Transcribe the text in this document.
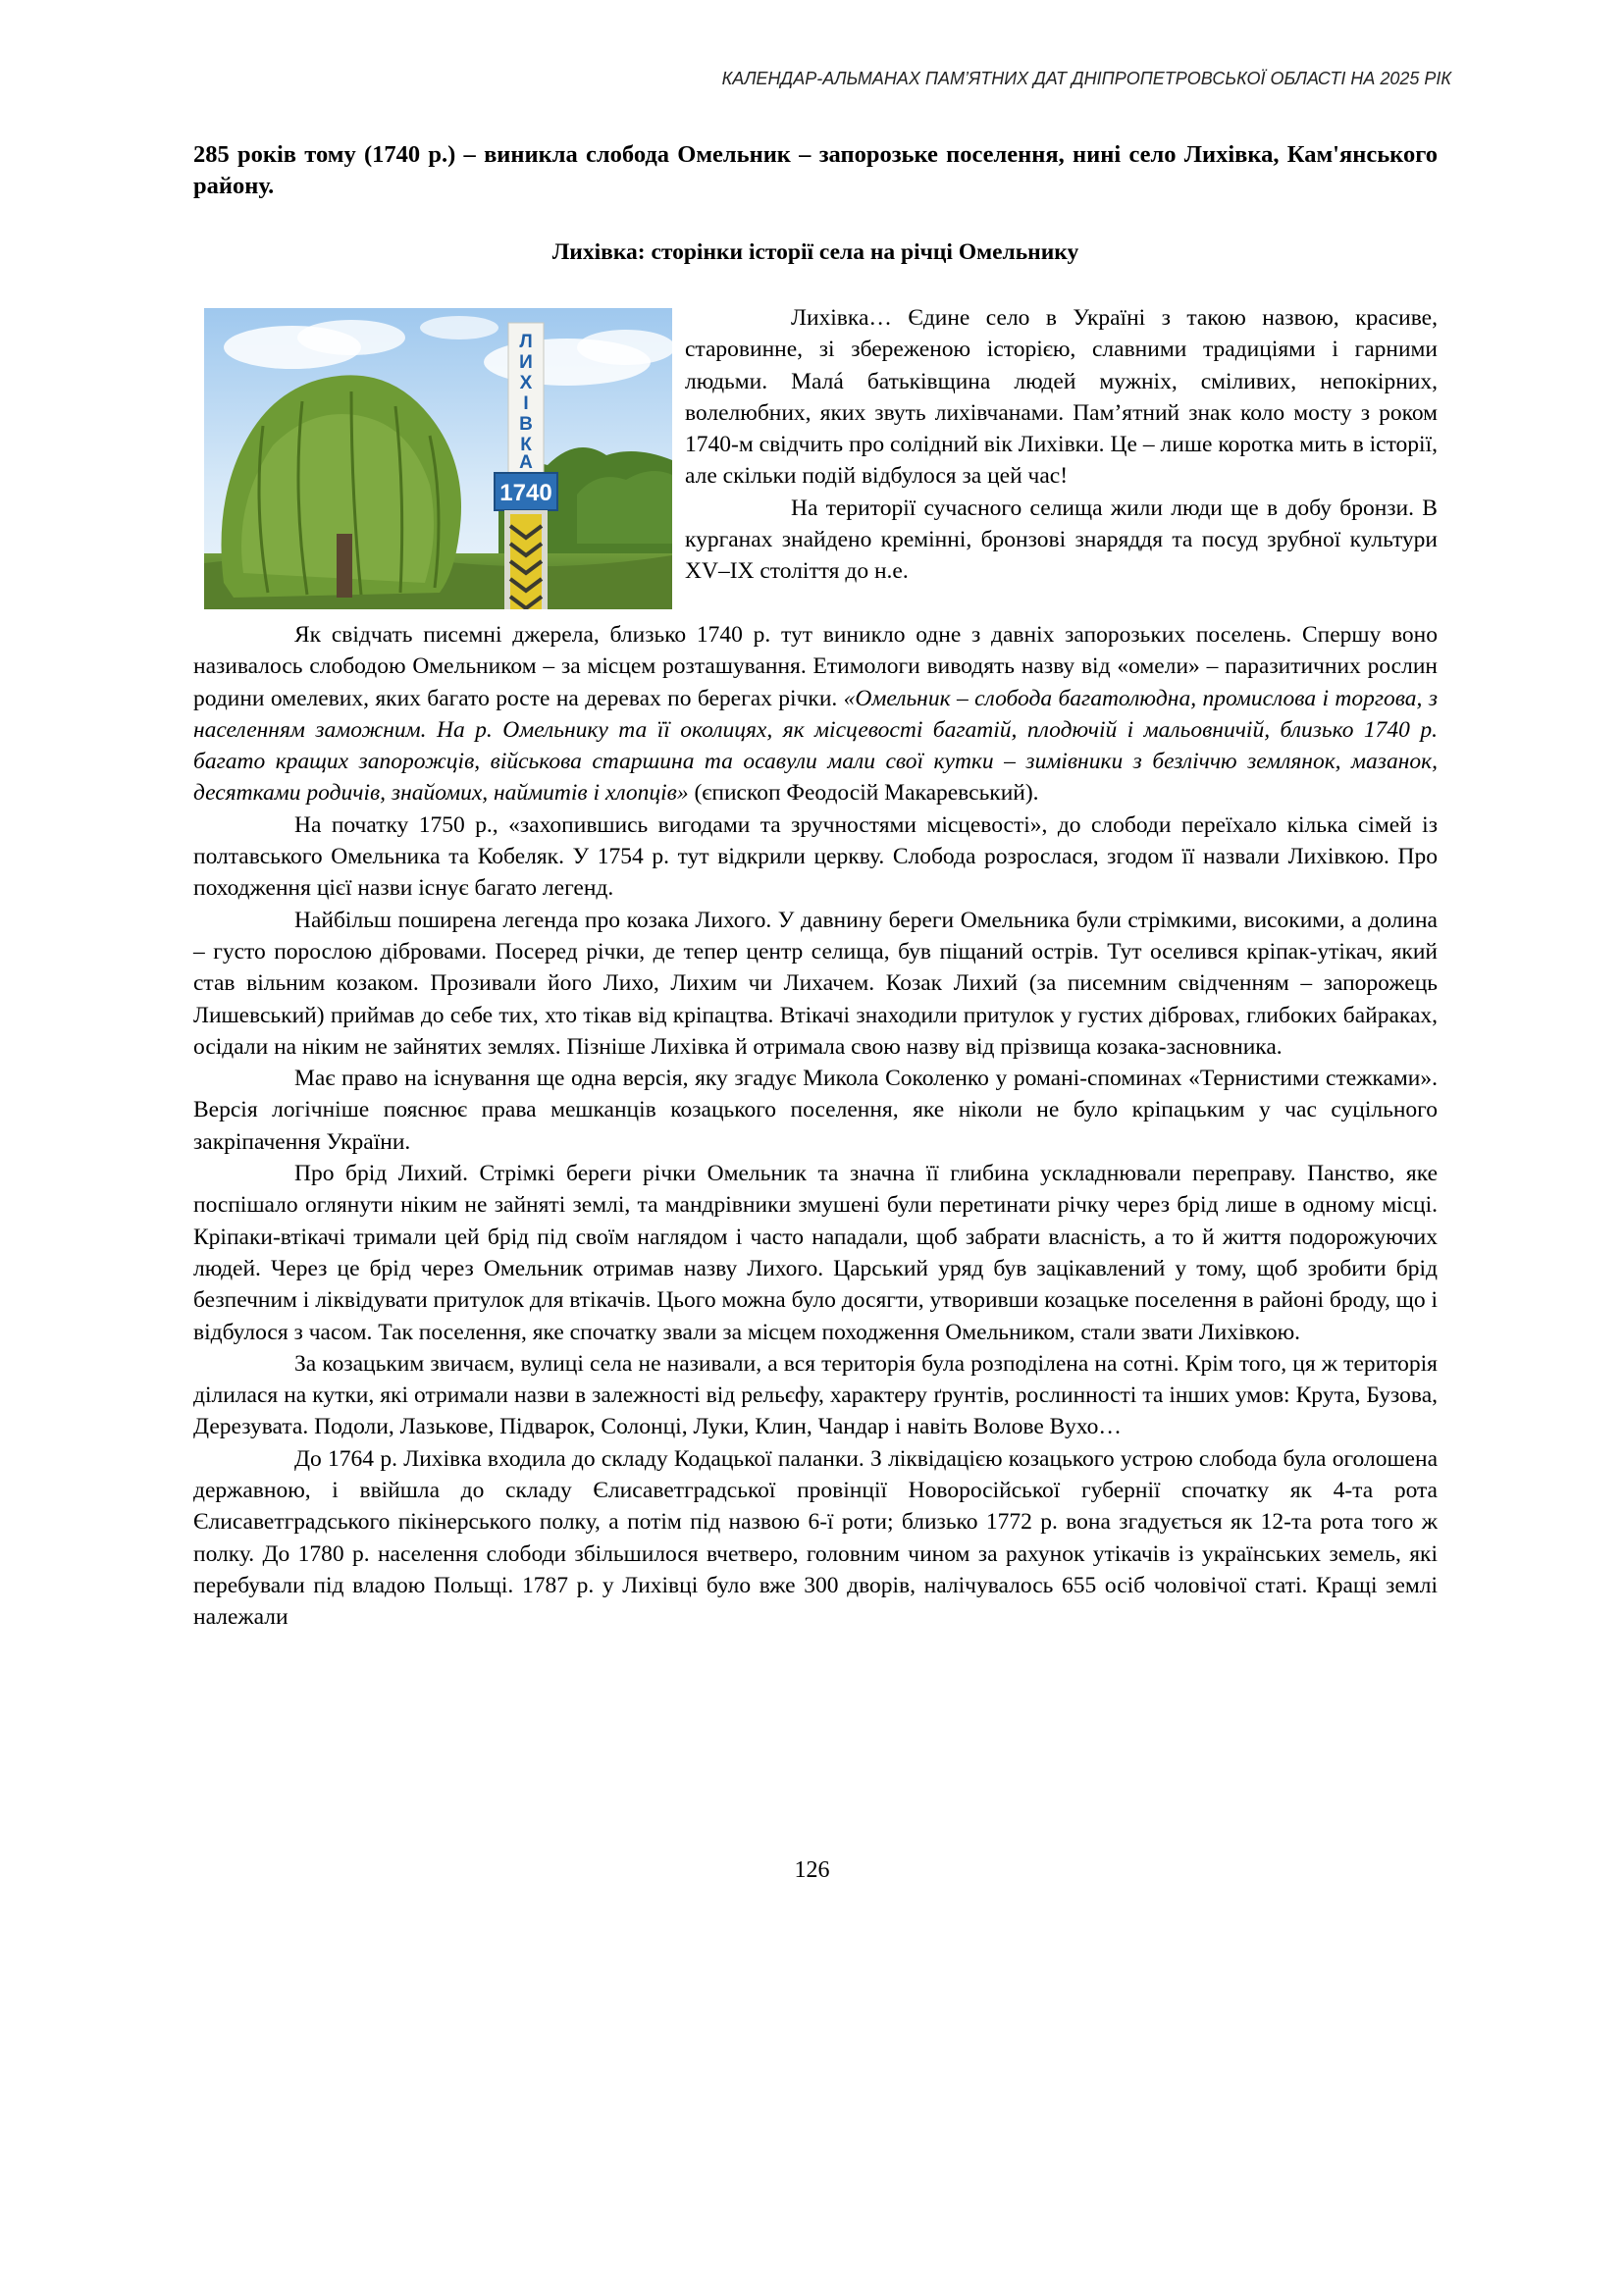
КАЛЕНДАР-АЛЬМАНАХ ПАМ’ЯТНИХ ДАТ ДНІПРОПЕТРОВСЬКОЇ ОБЛАСТІ НА 2025 РІК
285 років тому (1740 р.) – виникла слобода Омельник – запорозьке поселення, нині село Лихівка, Кам'янського району.
Лихівка: сторінки історії села на річці Омельнику
1740
Л
И
Х
І
В
К
А

Лихівка… Єдине село в Україні з такою назвою, красиве, старовинне, зі збереженою історією, славними традиціями і гарними людьми. Малá батьківщина людей мужніх, сміливих, непокірних, волелюбних, яких звуть лихівчанами. Пам’ятний знак коло мосту з роком 1740-м свідчить про солідний вік Лихівки. Це – лише коротка мить в історії, але скільки подій відбулося за цей час!

На території сучасного селища жили люди ще в добу бронзи. В курганах знайдено кремінні, бронзові знаряддя та посуд зрубної культури XV–IX століття до н.е.

Як свідчать писемні джерела, близько 1740 р. тут виникло одне з давніх запорозьких поселень. Спершу воно називалось слободою Омельником – за місцем розташування. Етимологи виводять назву від «омели» – паразитичних рослин родини омелевих, яких багато росте на деревах по берегах річки. «Омельник – слобода багатолюдна, промислова і торгова, з населенням заможним. На р. Омельнику та її околицях, як місцевості багатій, плодючій і мальовничій, близько 1740 р. багато кращих запорожців, військова старшина та осавули мали свої кутки – зимівники з безліччю землянок, мазанок, десятками родичів, знайомих, наймитів і хлопців» (єпископ Феодосій Макаревський).

На початку 1750 р., «захопившись вигодами та зручностями місцевості», до слободи переїхало кілька сімей із полтавського Омельника та Кобеляк. У 1754 р. тут відкрили церкву. Слобода розрослася, згодом її назвали Лихівкою. Про походження цієї назви існує багато легенд.

Найбільш поширена легенда про козака Лихого. У давнину береги Омельника були стрімкими, високими, а долина – густо порослою дібровами. Посеред річки, де тепер центр селища, був піщаний острів. Тут оселився кріпак-утікач, який став вільним козаком. Прозивали його Лихо, Лихим чи Лихачем. Козак Лихий (за писемним свідченням – запорожець Лишевський) приймав до себе тих, хто тікав від кріпацтва. Втікачі знаходили притулок у густих дібровах, глибоких байраках, осідали на ніким не зайнятих землях. Пізніше Лихівка й отримала свою назву від прізвища козака-засновника.

Має право на існування ще одна версія, яку згадує Микола Соколенко у романі-споминах «Тернистими стежками». Версія логічніше пояснює права мешканців козацького поселення, яке ніколи не було кріпацьким у час суцільного закріпачення України.

Про брід Лихий. Стрімкі береги річки Омельник та значна її глибина ускладнювали переправу. Панство, яке поспішало оглянути ніким не зайняті землі, та мандрівники змушені були перетинати річку через брід лише в одному місці. Кріпаки-втікачі тримали цей брід під своїм наглядом і часто нападали, щоб забрати власність, а то й життя подорожуючих людей. Через це брід через Омельник отримав назву Лихого. Царський уряд був зацікавлений у тому, щоб зробити брід безпечним і ліквідувати притулок для втікачів. Цього можна було досягти, утворивши козацьке поселення в районі броду, що і відбулося з часом. Так поселення, яке спочатку звали за місцем походження Омельником, стали звати Лихівкою.

За козацьким звичаєм, вулиці села не називали, а вся територія була розподілена на сотні. Крім того, ця ж територія ділилася на кутки, які отримали назви в залежності від рельєфу, характеру ґрунтів, рослинності та інших умов: Крута, Бузова, Дерезувата. Подоли, Лазькове, Підварок, Солонці, Луки, Клин, Чандар і навіть Волове Вухо…

До 1764 р. Лихівка входила до складу Кодацької паланки. З ліквідацією козацького устрою слобода була оголошена державною, і ввійшла до складу Єлисаветградської провінції Новоросійської губернії спочатку як 4-та рота Єлисаветградського пікінерського полку, а потім під назвою 6-ї роти; близько 1772 р. вона згадується як 12-та рота того ж полку. До 1780 р. населення слободи збільшилося вчетверо, головним чином за рахунок утікачів із українських земель, які перебували під владою Польщі. 1787 р. у Лихівці було вже 300 дворів, налічувалось 655 осіб чоловічої статі. Кращі землі належали

126
